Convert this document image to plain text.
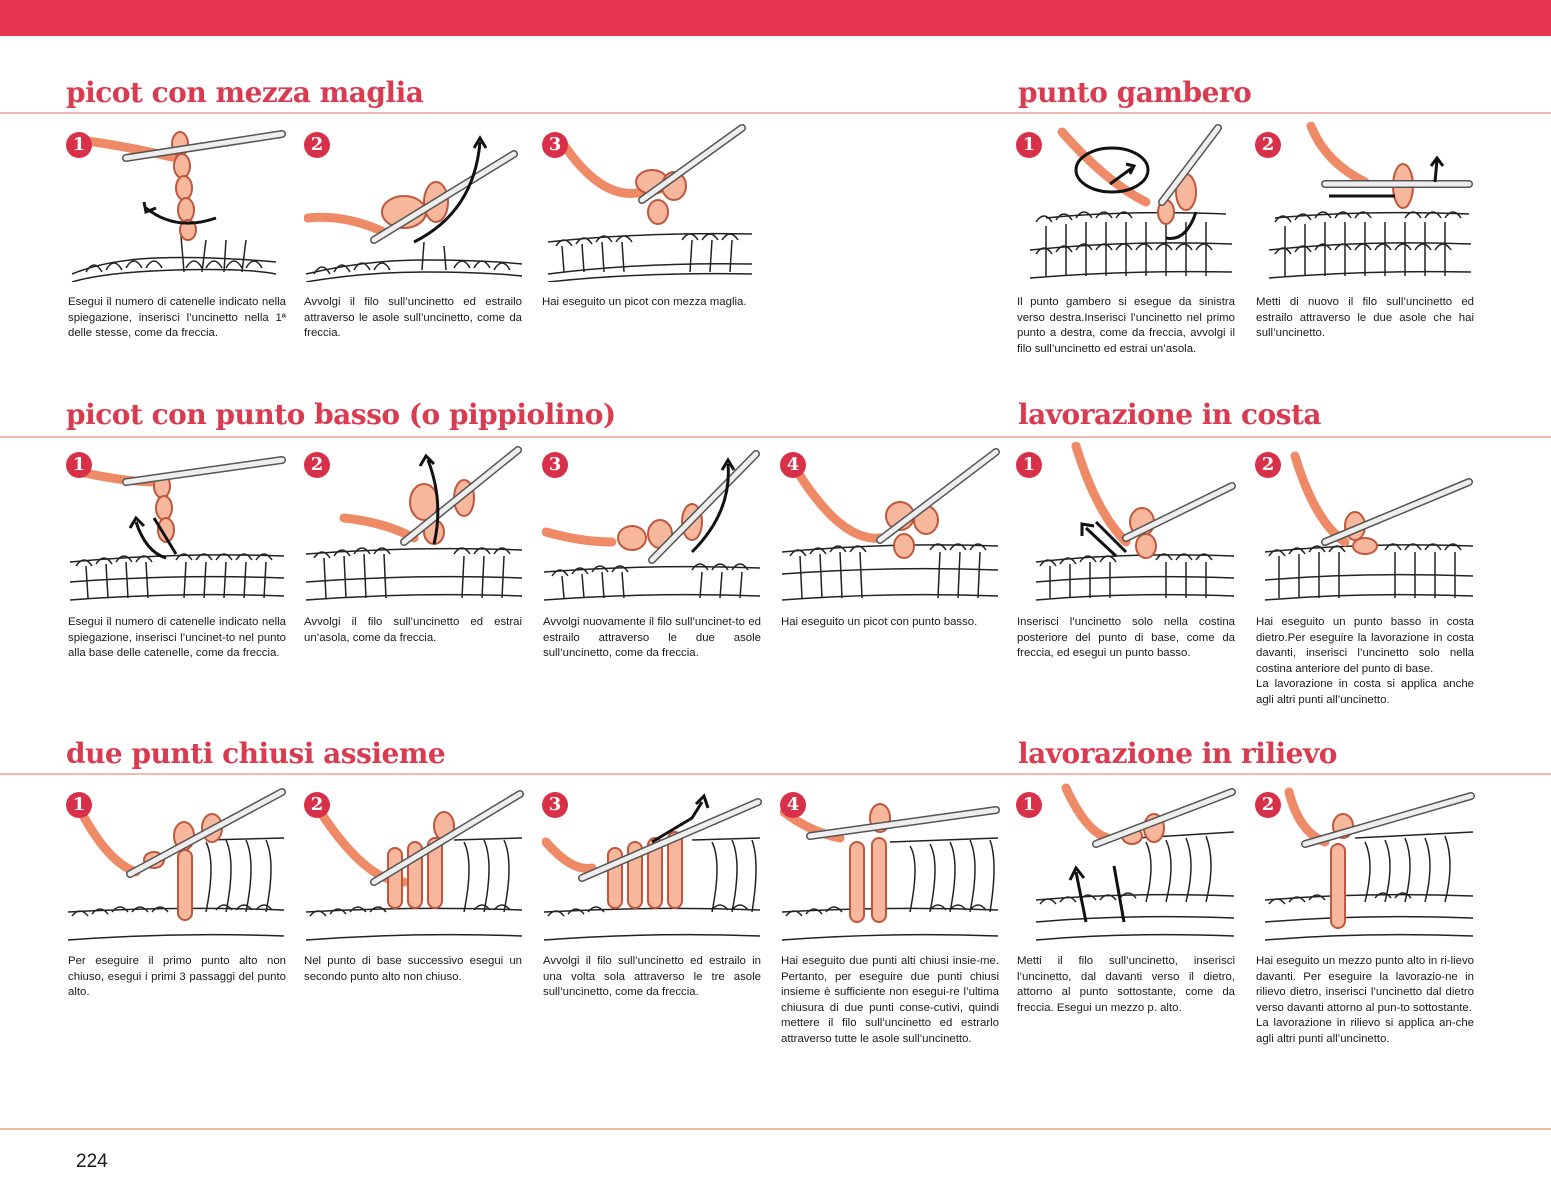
picot con mezza maglia	punto gambero
picot con punto basso (o pippiolino)	lavorazione in costa
due punti chiusi assieme	lavorazione in rilievo
1
Esegui il numero di catenelle indicato nella spiegazione, inserisci l’uncinetto nella 1ª delle stesse, come da freccia.
2
Avvolgi il filo sull’uncinetto ed estrailo attraverso le asole sull’uncinetto, come da freccia.
3
Hai eseguito un picot con mezza maglia.
1
Il punto gambero si esegue da sinistra verso destra.Inserisci l’uncinetto nel primo punto a destra, come da freccia, avvolgi il filo sull’uncinetto ed estrai un’asola.
2
Metti di nuovo il filo sull’uncinetto ed estrailo attraverso le due asole che hai sull’uncinetto.
1
Esegui il numero di catenelle indicato nella spiegazione, inserisci l’uncinet-to nel punto alla base delle catenelle, come da freccia.
2
Avvolgi il filo sull’uncinetto ed estrai un’asola, come da freccia.
3
Avvolgi nuovamente il filo sull’uncinet-to ed estrailo attraverso le due asole sull’uncinetto, come da freccia.
4
Hai eseguito un picot con punto basso.
1
Inserisci l’uncinetto solo nella costina posteriore del punto di base, come da freccia, ed esegui un punto basso.
2
Hai eseguito un punto basso in costa dietro.Per eseguire la lavorazione in costa davanti, inserisci l’uncinetto solo nella costina anteriore del punto di base.
La lavorazione in costa si applica anche agli altri punti all’uncinetto.
1
Per eseguire il primo punto alto non chiuso, esegui i primi 3 passaggi del punto alto.
2
Nel punto di base successivo esegui un secondo punto alto non chiuso.
3
Avvolgi il filo sull’uncinetto ed estrailo in una volta sola attraverso le tre asole sull’uncinetto, come da freccia.
4
Hai eseguito due punti alti chiusi insie-me. Pertanto, per eseguire due punti chiusi insieme è sufficiente non esegui-re l’ultima chiusura di due punti conse-cutivi, quindi mettere il filo sull’uncinetto ed estrarlo attraverso tutte le asole sull’uncinetto.
1
Metti il filo sull’uncinetto, inserisci l’uncinetto, dal davanti verso il dietro, attorno al punto sottostante, come da freccia. Esegui un mezzo p. alto.
2
Hai eseguito un mezzo punto alto in ri-lievo davanti. Per eseguire la lavorazio-ne in rilievo dietro, inserisci l’uncinetto dal dietro verso davanti attorno al pun-to sottostante.
La lavorazione in rilievo si applica an-che agli altri punti all’uncinetto.
224
